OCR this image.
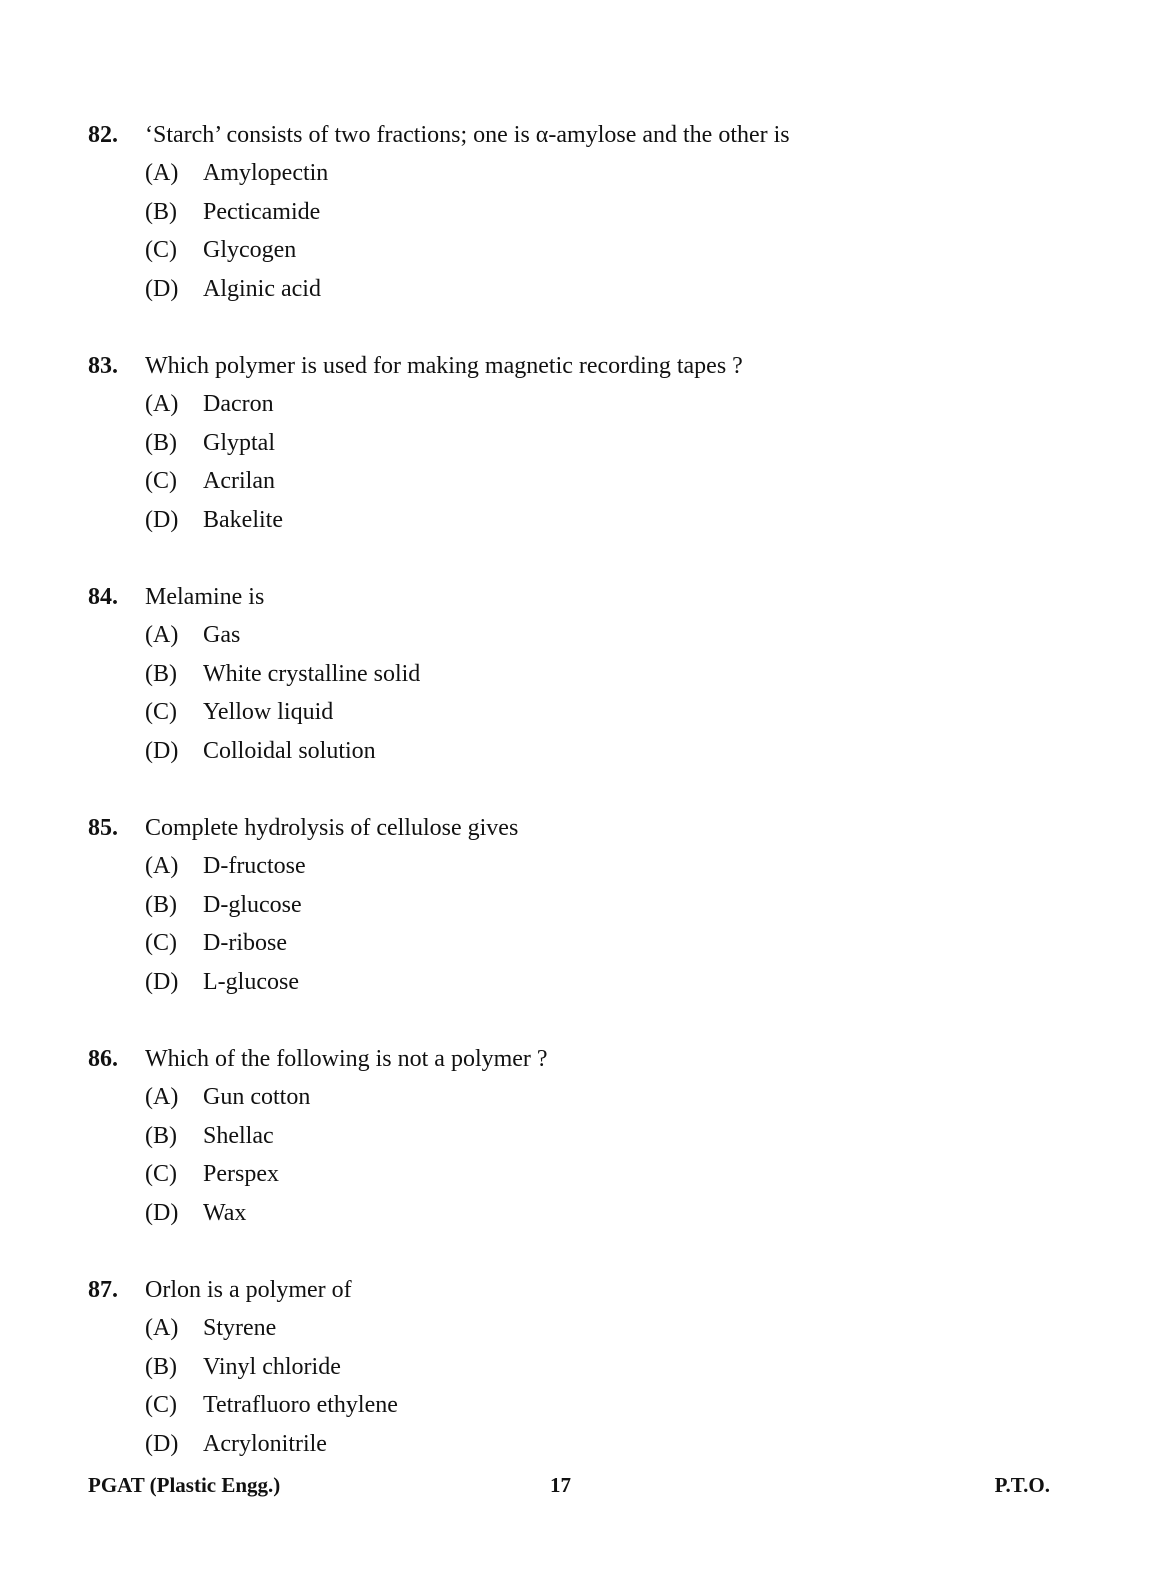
82. ‘Starch’ consists of two fractions; one is α-amylose and the other is
(A) Amylopectin
(B) Pecticamide
(C) Glycogen
(D) Alginic acid
83. Which polymer is used for making magnetic recording tapes ?
(A) Dacron
(B) Glyptal
(C) Acrilan
(D) Bakelite
84. Melamine is
(A) Gas
(B) White crystalline solid
(C) Yellow liquid
(D) Colloidal solution
85. Complete hydrolysis of cellulose gives
(A) D-fructose
(B) D-glucose
(C) D-ribose
(D) L-glucose
86. Which of the following is not a polymer ?
(A) Gun cotton
(B) Shellac
(C) Perspex
(D) Wax
87. Orlon is a polymer of
(A) Styrene
(B) Vinyl chloride
(C) Tetrafluoro ethylene
(D) Acrylonitrile
PGAT (Plastic Engg.)	17	P.T.O.
